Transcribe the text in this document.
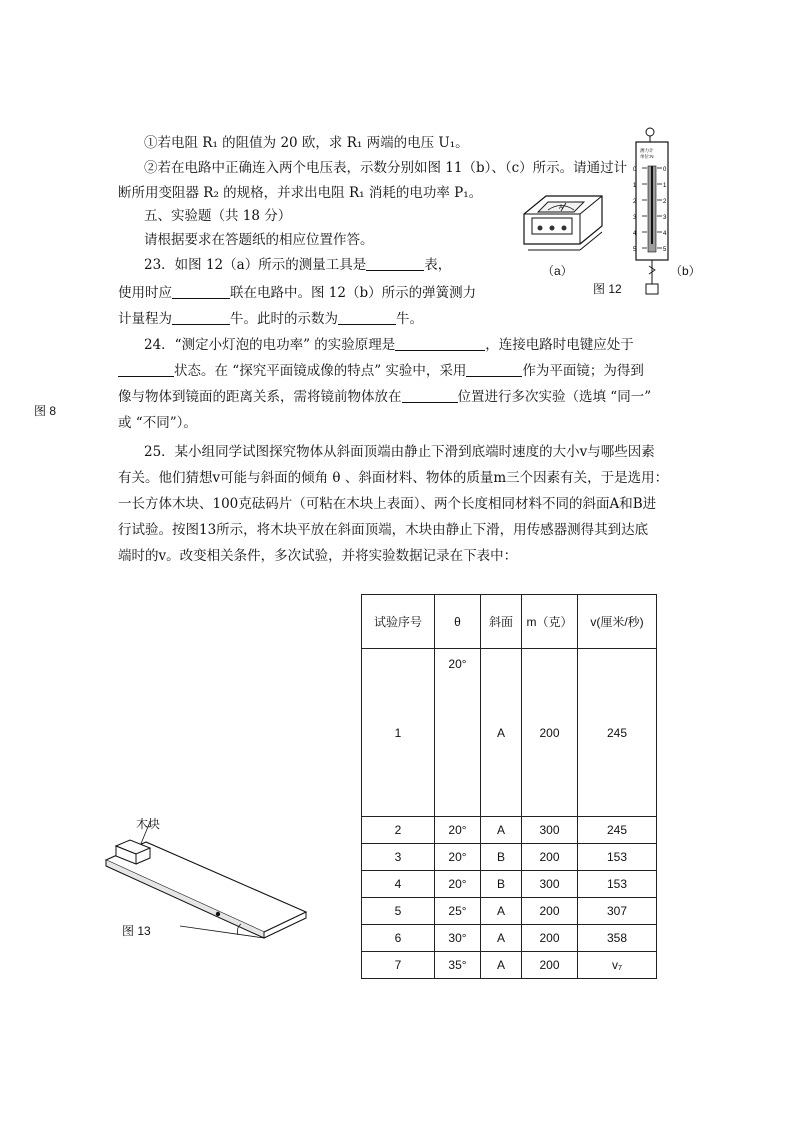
①若电阻 R₁ 的阻值为 20 欧，求 R₁ 两端的电压 U₁。
②若在电路中正确连入两个电压表，示数分别如图 11（b）、（c）所示。请通过计
断所用变阻器 R₂ 的规格，并求出电阻 R₁ 消耗的电功率 P₁。
五、实验题（共 18 分）
请根据要求在答题纸的相应位置作答。
23．如图 12（a）所示的测量工具是	表，
使用时应	联在电路中。图 12（b）所示的弹簧测力
计量程为	牛。此时的示数为	牛。
24．“测定小灯泡的电功率” 的实验原理是	，连接电路时电键应处于
状态。在 “探究平面镜成像的特点” 实验中，采用	作为平面镜；为得到
像与物体到镜面的距离关系，需将镜前物体放在	位置进行多次实验（选填 “同一”
或 “不同”）。
25．某小组同学试图探究物体从斜面顶端由静止下滑到底端时速度的大小v与哪些因素
有关。他们猜想v可能与斜面的倾角 θ 、斜面材料、物体的质量m三个因素有关，于是选用：
一长方体木块、100克砝码片（可粘在木块上表面）、两个长度相同材料不同的斜面A和B进
行试验。按图13所示，将木块平放在斜面顶端，木块由静止下滑，用传感器测得其到达底
端时的v。改变相关条件，多次试验，并将实验数据记录在下表中：
图 8
A
（a）
测力计
单位:N
0
1
2
3
4
5
0
1
2
3
4
5
图 12
（b）
木块
图 13
试验序号	θ	斜面	m（克）	v(厘米/秒)
1	20°	A	200	245
2	20°	A	300	245
3	20°	B	200	153
4	20°	B	300	153
5	25°	A	200	307
6	30°	A	200	358
7	35°	A	200	v₇
